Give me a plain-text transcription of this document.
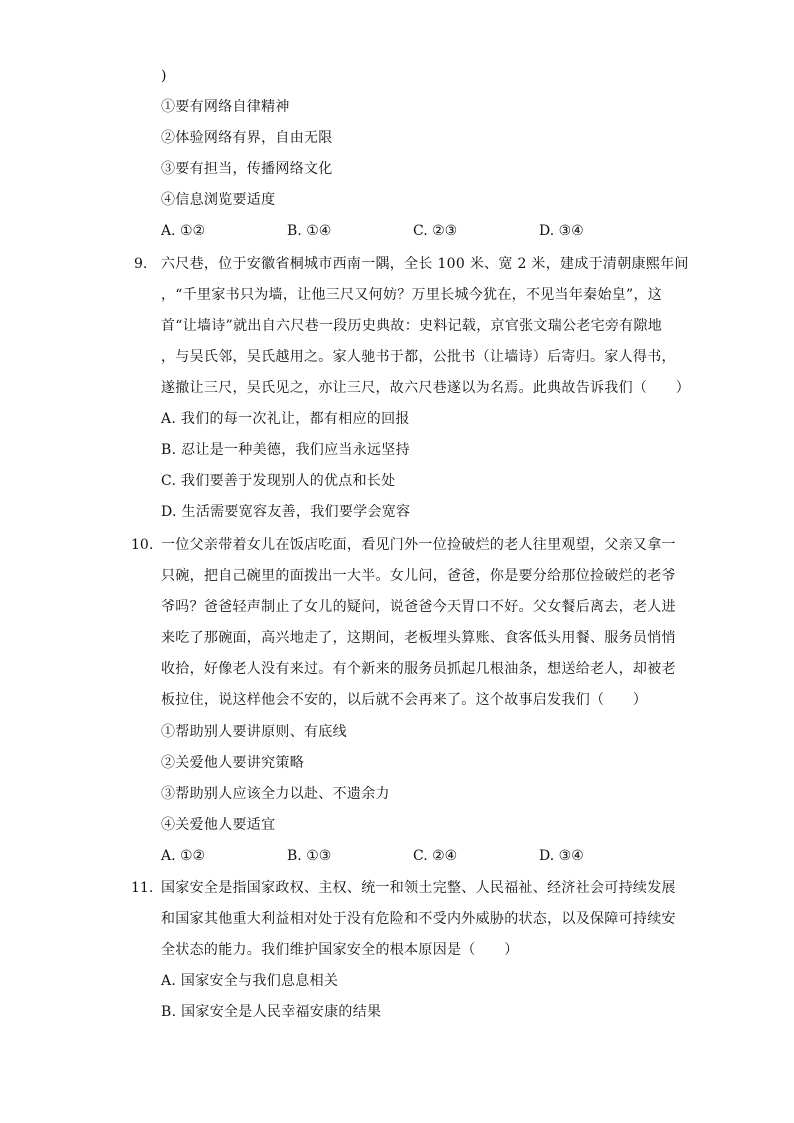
)
①要有网络自律精神
②体验网络有界，自由无限
③要有担当，传播网络文化
④信息浏览要适度
A. ①②	B. ①④	C. ②③	D. ③④
9. 六尺巷，位于安徽省桐城市西南一隅，全长 100 米、宽 2 米，建成于清朝康熙年间
，“千里家书只为墙，让他三尺又何妨？万里长城今犹在，不见当年秦始皇”，这
首“让墙诗”就出自六尺巷一段历史典故：史料记载，京官张文瑞公老宅旁有隙地
，与吴氏邻，吴氏越用之。家人驰书于都，公批书（让墙诗）后寄归。家人得书，
遂撤让三尺，吴氏见之，亦让三尺，故六尺巷遂以为名焉。此典故告诉我们（　　）
A. 我们的每一次礼让，都有相应的回报
B. 忍让是一种美德，我们应当永远坚持
C. 我们要善于发现别人的优点和长处
D. 生活需要宽容友善，我们要学会宽容
10. 一位父亲带着女儿在饭店吃面，看见门外一位捡破烂的老人往里观望，父亲又拿一
只碗，把自己碗里的面拨出一大半。女儿问，爸爸，你是要分给那位捡破烂的老爷
爷吗？爸爸轻声制止了女儿的疑问，说爸爸今天胃口不好。父女餐后离去，老人进
来吃了那碗面，高兴地走了，这期间，老板埋头算账、食客低头用餐、服务员悄悄
收拾，好像老人没有来过。有个新来的服务员抓起几根油条，想送给老人，却被老
板拉住，说这样他会不安的，以后就不会再来了。这个故事启发我们（　　）
①帮助别人要讲原则、有底线
②关爱他人要讲究策略
③帮助别人应该全力以赴、不遗余力
④关爱他人要适宜
A. ①②	B. ①③	C. ②④	D. ③④
11. 国家安全是指国家政权、主权、统一和领土完整、人民福祉、经济社会可持续发展
和国家其他重大利益相对处于没有危险和不受内外威胁的状态，以及保障可持续安
全状态的能力。我们维护国家安全的根本原因是（　　）
A. 国家安全与我们息息相关
B. 国家安全是人民幸福安康的结果
